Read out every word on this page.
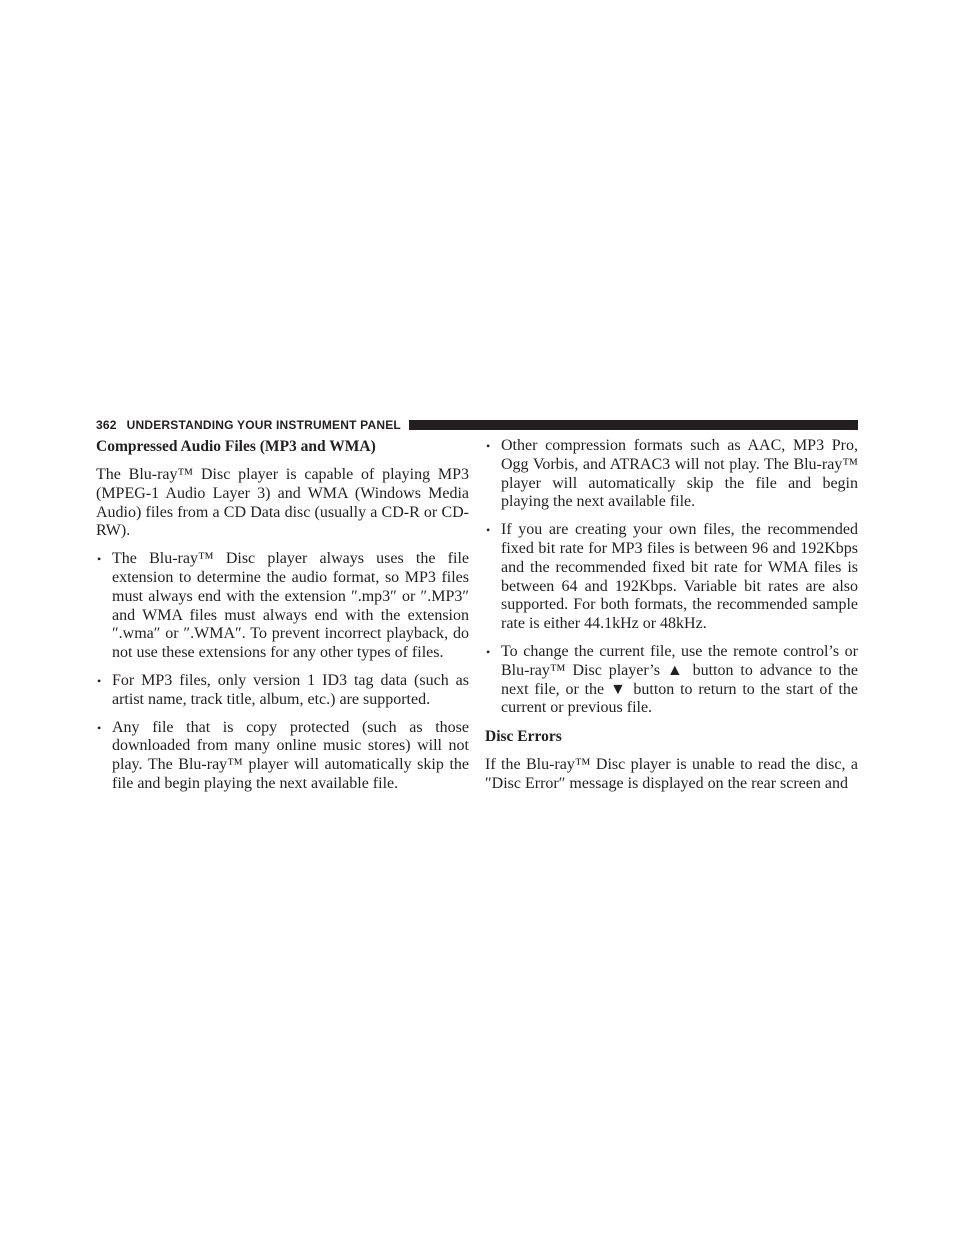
362 UNDERSTANDING YOUR INSTRUMENT PANEL
Compressed Audio Files (MP3 and WMA)

The Blu-ray™ Disc player is capable of playing MP3 (MPEG-1 Audio Layer 3) and WMA (Windows Media Audio) files from a CD Data disc (usually a CD-R or CD-RW).

• The Blu-ray™ Disc player always uses the file extension to determine the audio format, so MP3 files must always end with the extension ″.mp3″ or ″.MP3″ and WMA files must always end with the extension ″.wma″ or ″.WMA″. To prevent incorrect playback, do not use these extensions for any other types of files.
• For MP3 files, only version 1 ID3 tag data (such as artist name, track title, album, etc.) are supported.
• Any file that is copy protected (such as those downloaded from many online music stores) will not play. The Blu-ray™ player will automatically skip the file and begin playing the next available file.
• Other compression formats such as AAC, MP3 Pro, Ogg Vorbis, and ATRAC3 will not play. The Blu-ray™ player will automatically skip the file and begin playing the next available file.
• If you are creating your own files, the recommended fixed bit rate for MP3 files is between 96 and 192Kbps and the recommended fixed bit rate for WMA files is between 64 and 192Kbps. Variable bit rates are also supported. For both formats, the recommended sample rate is either 44.1kHz or 48kHz.
• To change the current file, use the remote control’s or Blu-ray™ Disc player’s ▲ button to advance to the next file, or the ▼ button to return to the start of the current or previous file.
Disc Errors

If the Blu-ray™ Disc player is unable to read the disc, a ″Disc Error″ message is displayed on the rear screen and
